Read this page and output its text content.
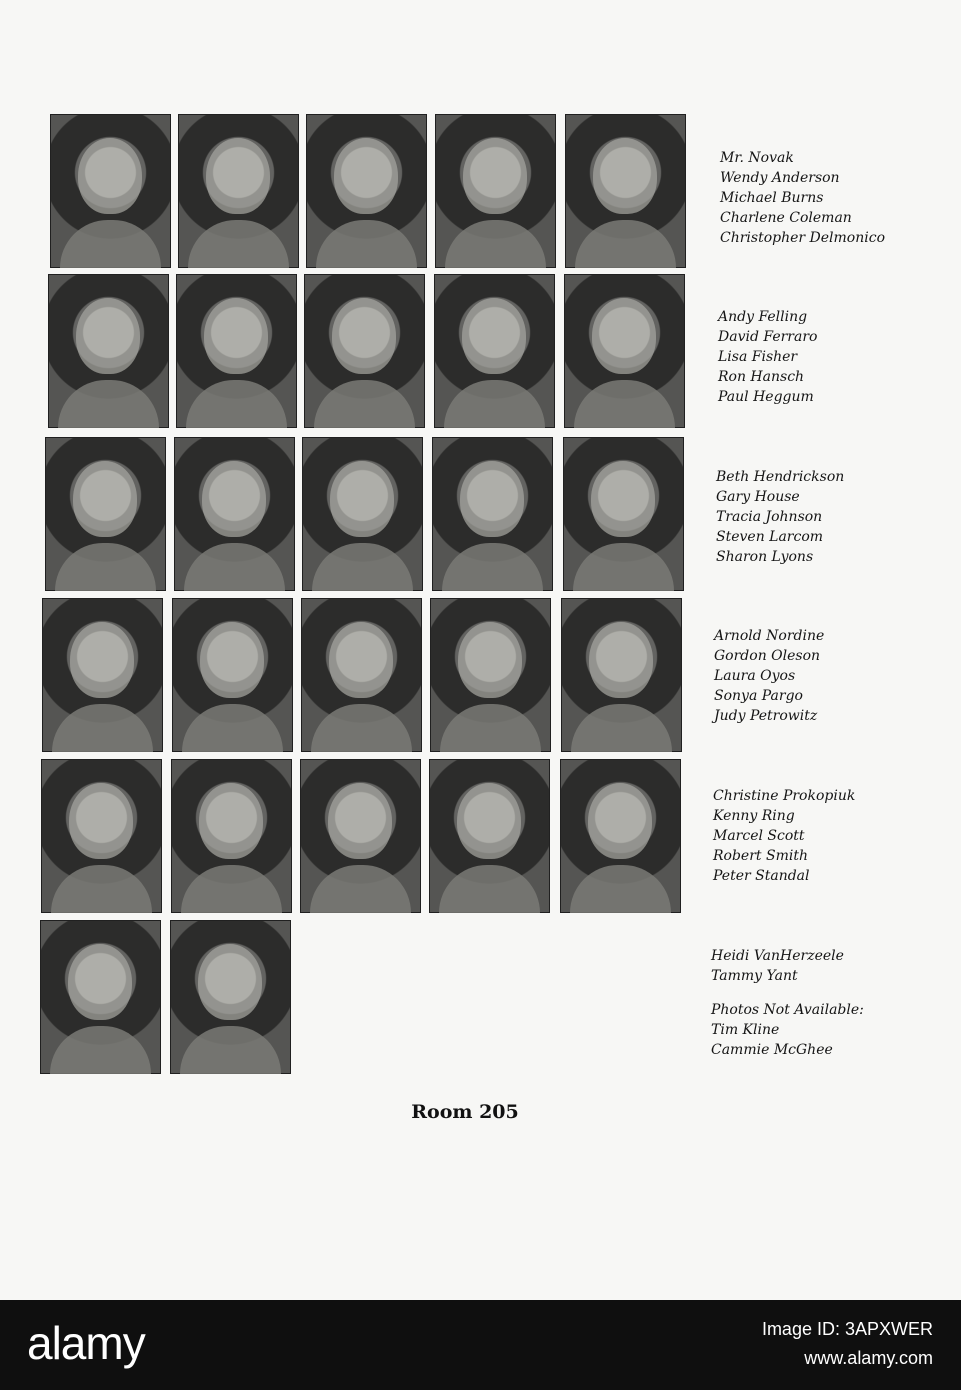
Mr. Novak
Wendy Anderson
Michael Burns
Charlene Coleman
Christopher Delmonico
Andy Felling
David Ferraro
Lisa Fisher
Ron Hansch
Paul Heggum
Beth Hendrickson
Gary House
Tracia Johnson
Steven Larcom
Sharon Lyons
Arnold Nordine
Gordon Oleson
Laura Oyos
Sonya Pargo
Judy Petrowitz
Christine Prokopiuk
Kenny Ring
Marcel Scott
Robert Smith
Peter Standal
Heidi VanHerzeele
Tammy Yant
Photos Not Available:
Tim Kline
Cammie McGhee
Room 205
alamy	Image ID: 3APXWER
www.alamy.com
